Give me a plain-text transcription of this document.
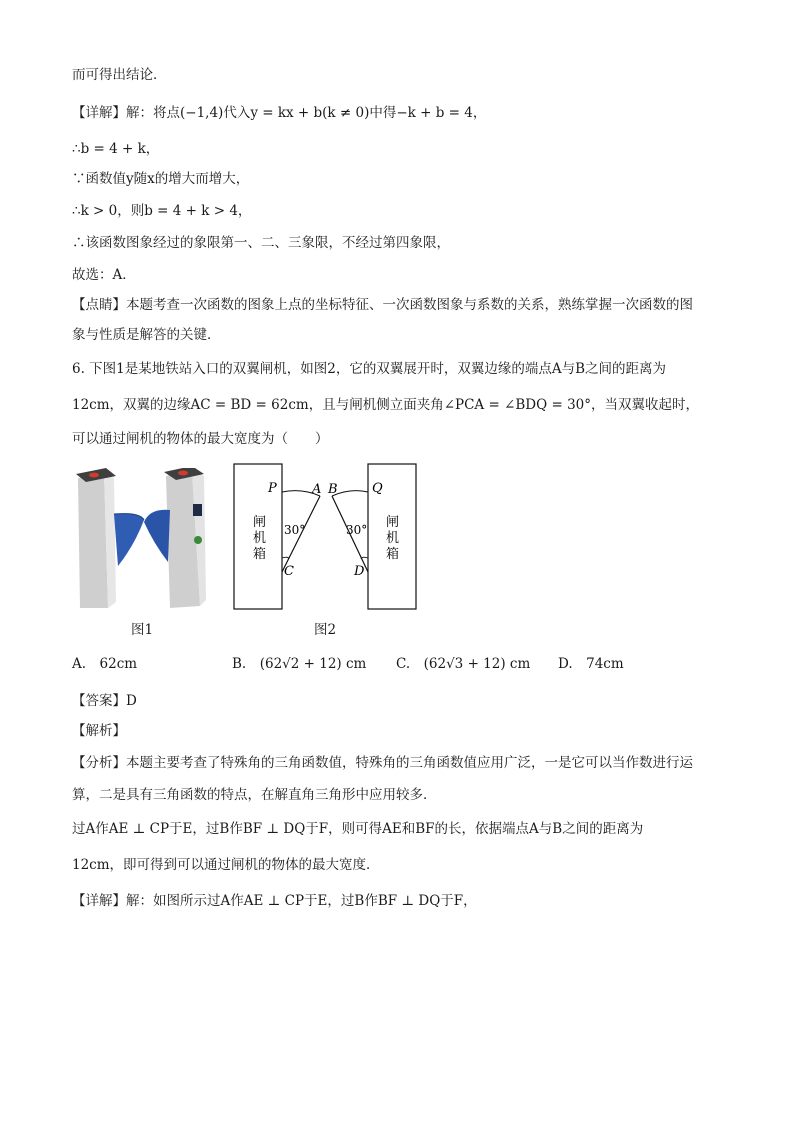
而可得出结论．
【详解】解：将点(−1,4)代入y = kx + b(k ≠ 0)中得−k + b = 4，
∴b = 4 + k，
∵函数值y随x的增大而增大，
∴k > 0，则b = 4 + k > 4，
∴该函数图象经过的象限第一、二、三象限，不经过第四象限，
故选：A．
【点睛】本题考查一次函数的图象上点的坐标特征、一次函数图象与系数的关系，熟练掌握一次函数的图
象与性质是解答的关键．
6. 下图1是某地铁站入口的双翼闸机，如图2，它的双翼展开时，双翼边缘的端点A与B之间的距离为
12cm，双翼的边缘AC = BD = 62cm，且与闸机侧立面夹角∠PCA = ∠BDQ = 30°，当双翼收起时，
可以通过闸机的物体的最大宽度为（　　）
图1
P	A B	Q
C	D
30°	30°
闸
机
箱
闸
机
箱
图2
A.　62cm	B.　(62√2 + 12) cm C.　(62√3 + 12) cm D.　74cm
【答案】D
【解析】
【分析】本题主要考查了特殊角的三角函数值，特殊角的三角函数值应用广泛，一是它可以当作数进行运
算，二是具有三角函数的特点，在解直角三角形中应用较多．
过A作AE ⊥ CP于E，过B作BF ⊥ DQ于F，则可得AE和BF的长，依据端点A与B之间的距离为
12cm，即可得到可以通过闸机的物体的最大宽度．
【详解】解：如图所示过A作AE ⊥ CP于E，过B作BF ⊥ DQ于F，
